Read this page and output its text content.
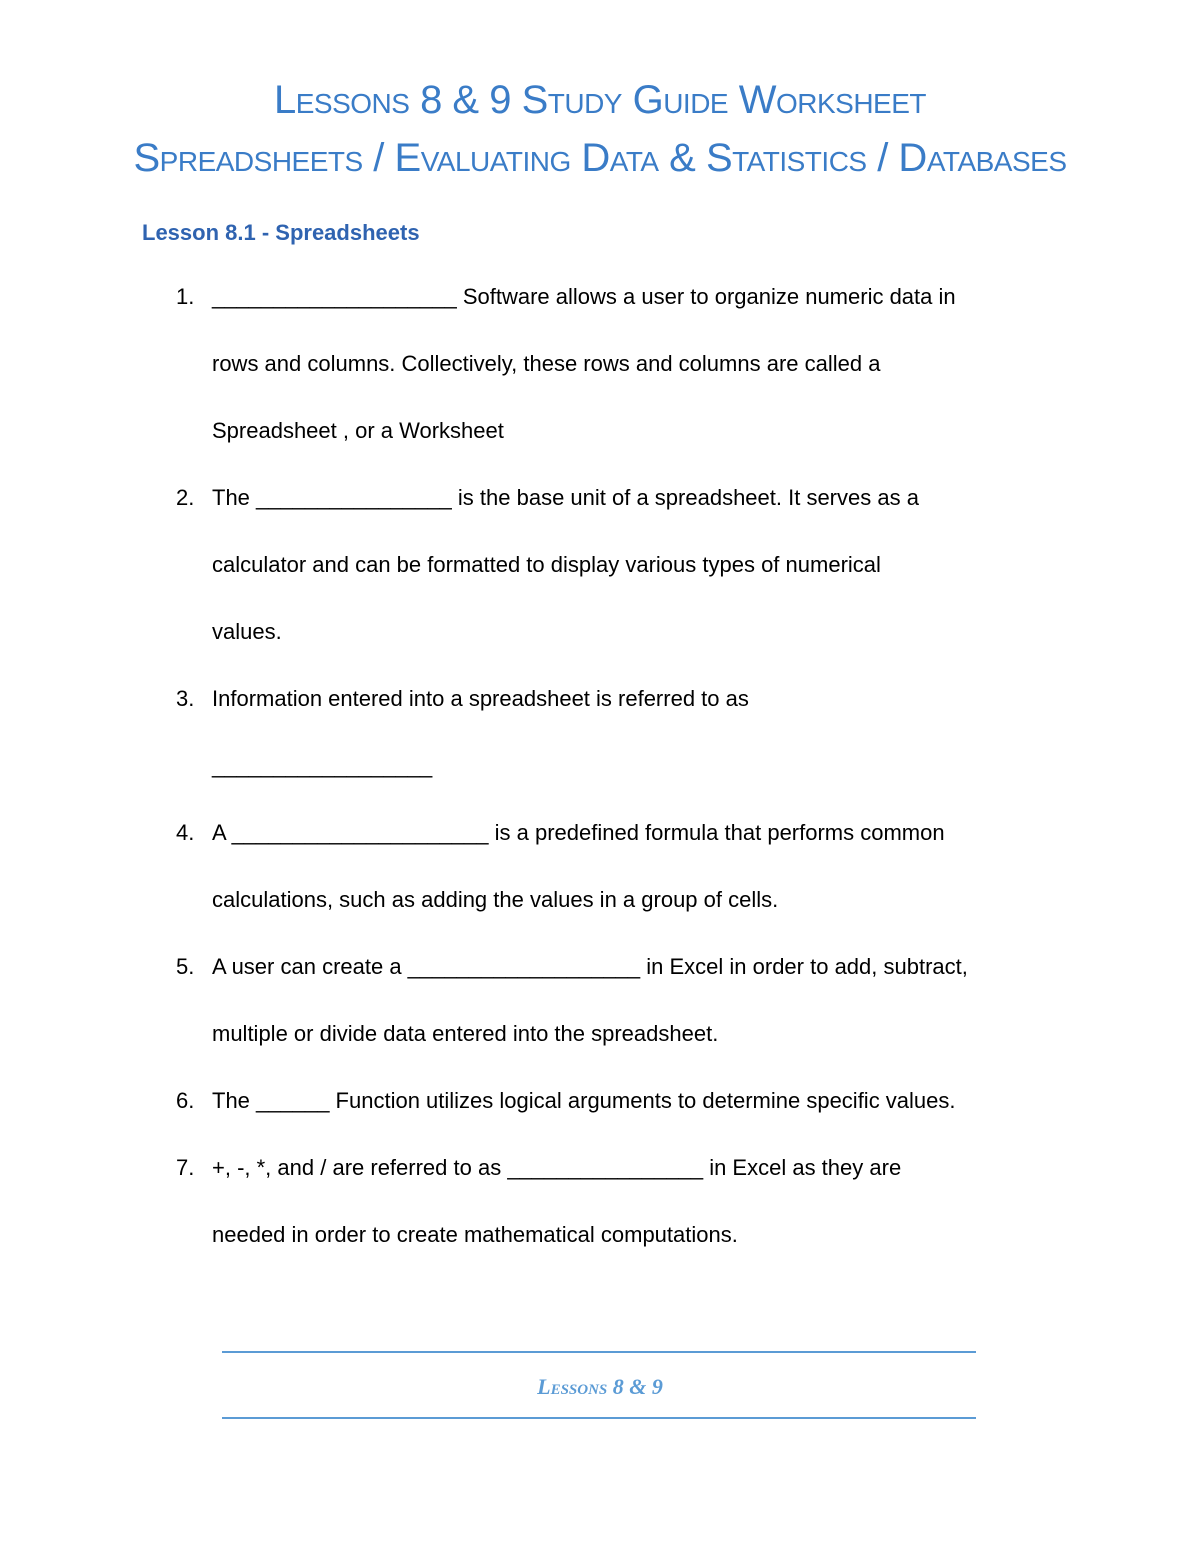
Lessons 8 & 9 Study Guide Worksheet
Spreadsheets / Evaluating Data & Statistics / Databases
Lesson 8.1 - Spreadsheets
1. ____________________ Software allows a user to organize numeric data in
rows and columns. Collectively, these rows and columns are called a
Spreadsheet , or a Worksheet
2. The ________________ is the base unit of a spreadsheet. It serves as a
calculator and can be formatted to display various types of numerical
values.
3. Information entered into a spreadsheet is referred to as
__________________
4. A _____________________ is a predefined formula that performs common
calculations, such as adding the values in a group of cells.
5. A user can create a ___________________ in Excel in order to add, subtract,
multiple or divide data entered into the spreadsheet.
6. The ______ Function utilizes logical arguments to determine specific values.
7. +, -, *, and / are referred to as ________________ in Excel as they are
needed in order to create mathematical computations.
Lessons 8 & 9
